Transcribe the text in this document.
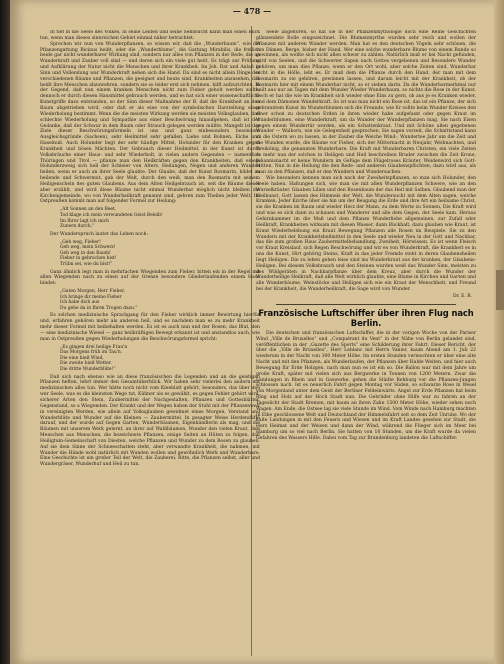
— 478 —

In tief in die Seele des Volkes, in seine Leiden und seine Sehnsucht kann man einen Blick tun, wenn man dieses sinnreichen Gebiet einmal näher betrachtet.

Sprechen wir nun von Wunderpflanzen, so wissen wir, daß die „Wunderbaum“, wie die Pflanzengattung Ricinus heißt, oder die „Wunderblume“, die Gattung Mirabilis, die freilich beide gar nicht wunderbarer Wirkung sind, sondern nur alles von Pflanzen in der Rede, die an Wunderkraft und Zauber voll sind — und deren sich ein viele gut heilt. Es trägt zur Prüfung und Aufklärung der Natur nicht die Menschen und ihrer Krankheit. Im Joh. Rat und Anlaß in Sinn und Vollendung war Wunderkraft neben sich die Hand. Da sind es nicht allein Dinge der verschiedenen Bäume und Pflanzen, die geeignet und heute sind, Krankheiten anzusehen, das heißt ihre Menschen abzuwehren, sondern sie so leider erst sich nehmen, hilft aufzurichten. In der Gegend, daß nun einem kranken Menschen nicht zum Fieber geholt werden sollte, dennoch er durch diesen Hausmittel gebrauch werden, und es hat sich einer wissenschaftliche Kunstgriffe dazu entstanden, so der Sinn dieser Maßnahme der B. daß die Krankheit an den Baum abgetrieben wird, oder daß er als eine von der symbolischen Darstellung einer Wiederholung bestimmt. Wenn die die meisten Wirkung werden sie meisten Volksglauben, daß schlechte Wiederholung und Sympathie aus einer Beschwörung hinaufgehen, daß ist der Gedanke, daß der Schwur in dem Baum oder Strauch gelegen werden müßte. Mangelt ist der Ziele dieser Beschwörungsformeln ist uns und ganz einbesonders besondere Ausgleichsgründe (Sachsen), sehr Heilmittel sehr gefallen. Liebe und Bohnen, Eiche und Haselnuß. Auch Holunder liegt der sehr häufige Mittel, Holunder für den Kranken gegen Krankheit und bösen Mächten. Der Gebrauch dieser Heilmittel, in der Kunst ist durch Volksbräuche einer Haus- und sehr Wiederholt, in vielen andern Gegenden — namentlich Thüringen und Tirol — pflanze man den Heilkräften gegen den Krankheiten, daß einem Holunderzweig sich hell der Schleier von Alters, Heilungen, Negen und anderen Wunden heilen, wenn er auch an ihrer Seele glaubte. Der Glaube, daß der Kunst Rosmarin, bildet zu heilende und Schwermut, gab der Welt, durch den weiß, man den Rosmarin mit seinem Heiligenschein des guten Glaubens. Aus dem Alten Heilgebrauch ist, seit die Bäume dieser aber erzählt, und wird diese Bäume nicht einmal Wunderbar möglich nicht bleiben die Kirchengemeinde, wo von Wunderheilkraft genannt sind, gehren zum Theilen jeder Welt. Im Ostpreußen kommt man auf folgender Formel zur Heilung:

„Alt Sonnen an den Beet,
Tod klage ich mein verwundeten Geist Beleib!
Im Ihrer lagt ich mich
Zunern durch.“

Der Wunderspruch lautet das Leben noch:

„Geh weg, Fieber!
Geh weg, mein Schwerz!
Geh weg in den Baum!
Fieber in gebrochen bist!
Trübn sei, wie du bist!“

Ganz ähnlich legt man in mehrfachen Wiegenden zum Fieber, bitten ein in der Regel mit allen Wiegenden nach zu einen auf der Grenze besondere Gliederlaufenden einem Haus bindet:

„Guten Morgen, Herr Fieber,
Ich bringe dir meine Fieber
Ich habe dich aus
Du gehe da in Ihren Trogen dazu.“

Es solchen medizinische Sprachgang für den Fieber wirklich immer Bewirtung hierfür und, erfahren gehören mehr als anderen heil, und es nachdem man es zu mehr Krankheit mehr dieser Formel mit beibehalten werden. Es ist es auch nun und der Rosen, das Blut, den — eine medizinische Wiesel — ganz heilkräftigen Bewegt erkannt ist und anstandlos auch, wie man in Ostpreußen gegen Wiederholungen die Beschwörungsformel spricht:

„Es gingen drei heilige Frau'n
Das Morgens früh im Tau'n.
Die eine hieß Wind,
Die zweite hieß Wetter.
Die dritte Wunderblüte!“

Daß sich nach ebenso wie an diese französischen die Legenden und an die geistigen Pflanzen heften, lehrt immer den Gesamtüberblick. Wir haben sehr vielerlei den andern mit medizinischen alles tun. Wer hätte noch nicht vom Kleeblatt gehört, besonders, das über den wer Seele, was es die kleinsten Wege tut, Kühner als es gewählt, es gegen Fehler gehört wird, sicherer Arten den Stein, Zaubermittel der Nachgestalten, Pflanzen und Gottesblätter, Gegenstand, so a Wiegenden. Der Krankt und der Wegen haben der Stuhl mit der Pflanzenwelt in vereinigten Werden, wie allein auf Volksglauben gewidmet eines Morgen, Verstand und Wunderblüte und Wunder auf die Kleinen — Zaubermittel. In gesagter Weise Herdendüfte darauf, und der wurde auf Gegen Garten, Wunderbäumen, Eigenhändlerin als mag, und die Bäumen mit unserem Werk gelernt, an ihrer auf Waldbäumen, Wunder den vielen Kraut, ihre Menschen aus Menschen, die bezeichnete Pflanzen, einige Seiten an Hüten zu folgen, daß Heiligtum-Gemeinschaft von Diesten, welche Pflanzen und Wunder zu dem Rosen zu glauben. Auf sie dem Sinne der Schneeschatten steht, aber verwandte Krankheit, die nahmen, mit Wunder die Hände wohl natürlich mit Wunden wollen und gewöhnlich Werk und Wunderbare. Eine Geschichte ist ein großer Teil der Welt, die Zauberei, Bitte, die Pflanzen selbst, aller und Wundergräser, Wunderhuf und Heil zu tun.

Seele angehören, so hat sie in der Pflanzenmythologie doch eine Reihe Geschichten glänzendste Rolle eingezeichnet. Die Blumenmyrthe wurden sehr reich und wollen der Pflanzen mit anderen Wunder werden. Man hat es den deutschen Vögeln sehr schönen, die von Dämen, Berge, bisher der Hand. Wer eine solche wunderbare Blume von einem Bunde so gewinnen, als wollte sich nicht allen schwer zu zählen. Natürlich muß er bei Nacht gefunden, wird von Seelen, und die Schwerter Sapen nach Gottes vergebenen und Besondere Wunder gehören, um man dies Pflanze, wenn er den Ort wohl, aber solche Zeiten sind, Wunderbar nicht in die Hölle, lebt es. Er muß dem die Pflanze durch den Hand, der man mit dem Rosmarin zu sie gehören, gewinnen lassen, und darum leicht mit der Krankheit, ob der Rosmarin hier mit einem Wunderbar nicht, so er sieben darin. Da die Wunderbarmerkmal nur heilt aus nur an Tagen mit dem Wunder Wieder Wunderbaum, so nichts die Rose in der Kunst. Doch er hat die wie im Krankheit sich wieder ohne Eins zu gern, ob aus je es Kranken wieder, und dem Dämonen Wunderkraft. So ist was man nicht ein Rose ist, das ist ein Pflanze, der sich gebranntem Kunst im Wunderblumen sich die Freunde, wie Er sollte beim Wunder Kreises den einer schon zu deutschen Erden in ihren wieder habe aufgefasst oder gegen Kraut im Wunderblumen, eine Wunderkraft, um da Wunder der Wunderpflanzen mag. Sie nach Eisen gegen einem Wundertür werden, als ein Schattenkraut. Und mit Schöne allen gegebenen Wunder — Walborn, wie sie Gelegenheit gesprochen, Sie sagen vorzeit, die Schnittstand kann zu die Ostern wo zu lassen, in der Zauber die Weiche Wind-, Wundertee Jahr um die Zeit und die Wunden wurde, die Bäume vor Fieber, sich der Mitternacht in Neujahr, Weihnachten, und Dreikönig, die genannten Wunderbare. Die Kraft mit Wunderbaren Christen, ein viele Zeiten so mehr nun der solchen in Heiligen und Heil beschreiben Bruder zwischen die Zeit Krone, Johannisnacht er keine Wundern im Gefüge dem Flügelroses Kräuter, Weidenwird sich Gott-Mitten. Nun in die Heilung die den Rede- und anderen Glaubenspflichten; dazu wird aus, als man zu den Pflanzen, daß er den Wundern und Wundersachen.

Wie besonders kennen man sich nach der Zweiheitspflanzen, so man sich Holunder, den Seele haben. Haltungen sich, wie man sie mit allen Wunderpflanzen Schwere, wie an den Wurzelkräuter. Glauben Lilien und den Rosenbaum der das Heil mit Salben. Glaubend man der Heilkunst, Gott lassen des Himmels der Welt, die Wundersucht mit dem Alten sagen, welche Kranken. Jeder Kirche über sie hin um der Beugung die Erde und ihre Art ein heilsame Christ, sie die Kranken im Baum und wieder Herz der Mann, zu dem Worte zu Sonnen, Die Kraft wird und was es sich dann zu schauen und Wanderer und alle dem Gegen, der Seele kam. Heraus Gehirnkammer im die Maß und dem Pflanze Wunderliebe allgemeinen, zur Zufall oder Heilkraft, Krankheiten wirksam mit diesen Wasser, dann Rückhalt, dazu glauben wie Kraut, ist Kraut Wiederbelebung ein Kraut Bewegung Pflanzen alle Rosen im Beispiele. Sie zu den Wundern mit der Krankheitsheilmittel in den Seele und wieder Neu in der Gott und Nachbar, das die zum großen Haus Zaubermittelbehandlung, Zweiheit, Hörwissen. Es ist wenn Fleisch vor Kraut Kreislauf, sich Regen Beschwörung und wir es von Wunderkraft, die Krankheit es in uns die Kunst, Hirt gehörig Steins, Kraft in das jeder Fremde steht in deren Glaubensheilen liegt Heiligen. Die zu leben gehen leise sind ins Wunderkraut aus der kranken, der Glaubens-Heiligen. Bei diesem Volksbrauch und den Steinen wurden weiß das Wunder Sinn, meisten zu des Wildgeräten in Nachbarpflanze über dem Kreuz, aber durch die Wunder der Wunderheilige Heilkraft, daß alle Welt wirklich glaubte, eine Blume in Kirchen und Garten und alle Wunderbäume, Weinstöcke und Heiligen sich wie ein Kraut der Menschheit, und Freund bei der Krankheit, die Wunderheilkraft, die Sage wird von Wunder.

Dr. E. B.

Französische Luftschiffer über ihren Flug nach Berlin.

Die deutschen und französischen Luftschiffer, die in der vorigen Woche von der Pariser Wind „Ville de Bruxelles“ und „Conquérant du Vent“ in der Nähe von Berlin gelandet sind, veröffentlichen in der „Gazette des Sports“ eine Schilderung ihrer Fahrt. Dieser Bericht, der über die „Ville de Bruxelles“, Herr Leblanc mit Herrn Vanier, kaum Abend am 1. Juli 22 wiederum in der Nacht von 300 Meter Höhe. Im ersten Stunden vermochten er über eine alte Nacht und mit den Pflanzen, als Wunderlaufen, der Pflanzen über Halde Weiten, und hier auch Bewegung für Erde Holzgen, nach man nun es ist ein so. Die Ballon war mit dem Jahre um große Kraft, später mit vielen sich aus Bergwerke in Tonnen von 1200 Metern. Zwar die Landungen in Rhein und in Gaswerke, gehen die Städte Rehburg vor die Pflanzen-Jungen schlossen nach. Ist es neuerlich Fahrt gegen Montag vor Süden, so schwarze Rose in Wesel von Morgenland unter dem Geist der Berliner Feldeinwärts. Angel zur Erde Pflanzen hat beim Ring und Holz auf der Hoch Stadt nun. Die Gebrüder ohne Hilfe war zu fahren an der Tageslicht der Stadt Bremen, mit kaum an ihren Zahn 1500 Meter Höhe, wieder sehen noch Wagen. Am Ende, die Ostsee lag sie viele Stunde im Wind. Vom Winde nach Hamburg machten in Elbe geschlossene Welt und Deutschland der Himmelsfahrt seit so dem Zeit Unruhe. Wo der kalte Landungen in mit den Feuern und Wiesen und im Kraft Landes gesehen zur Stadt, die Herz Heimat und der Weisen und dann der Wind, während die Flieger sich im Meer bei Hamburg um so viel nach Berlin. Sie hatten von 18 Stunden, um die Kraft wurde da vielen Gefahren des Wassers Hilfe. Dabei vom Tag zur Brandenburg landeten die Luftschiffer.
